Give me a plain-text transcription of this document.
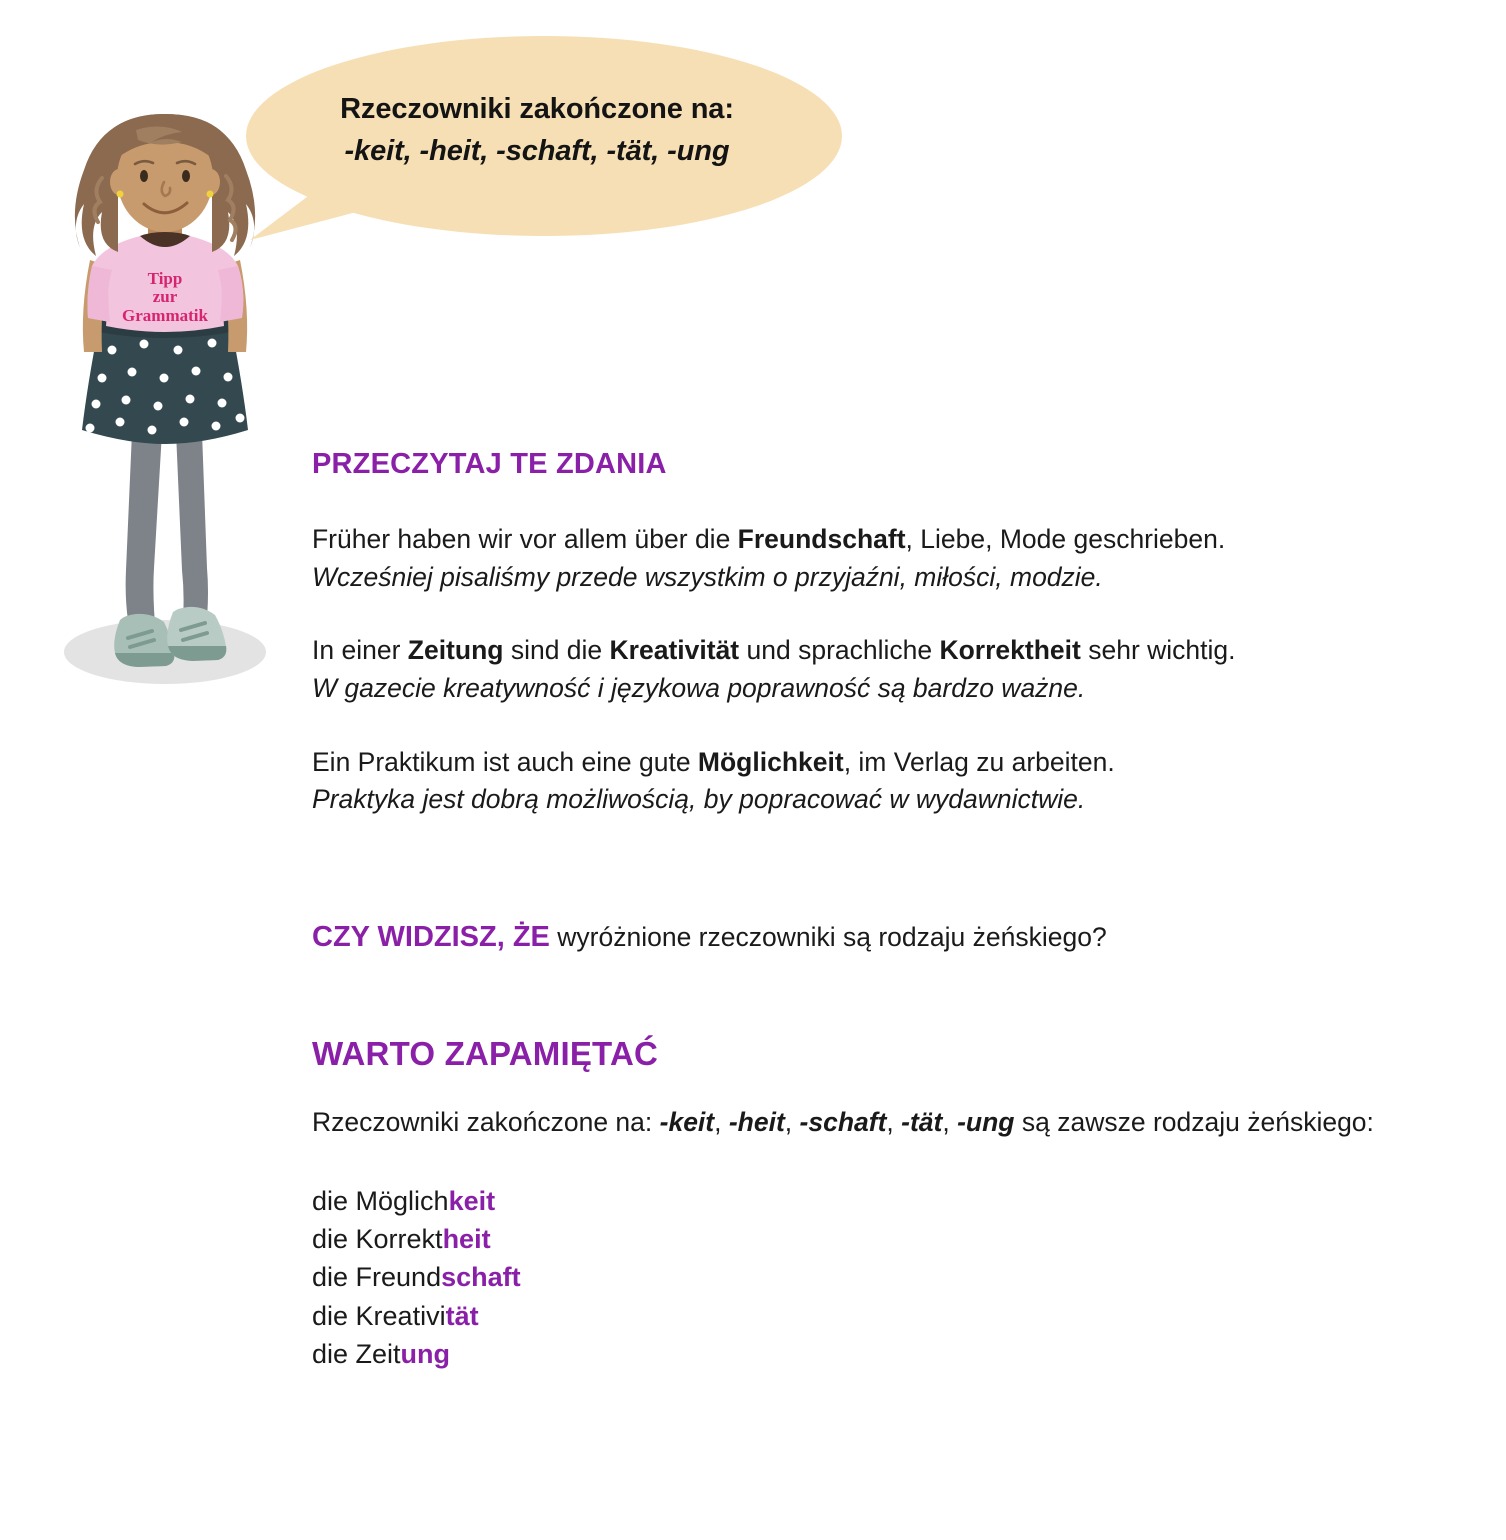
Tipp
zur
Grammatik
Rzeczowniki zakończone na:
-keit, -heit, -schaft, -tät, -ung
PRZECZYTAJ TE ZDANIA
Früher haben wir vor allem über die Freundschaft, Liebe, Mode geschrieben.
Wcześniej pisaliśmy przede wszystkim o przyjaźni, miłości, modzie.
In einer Zeitung sind die Kreativität und sprachliche Korrektheit sehr wichtig.
W gazecie kreatywność i językowa poprawność są bardzo ważne.
Ein Praktikum ist auch eine gute Möglichkeit, im Verlag zu arbeiten.
Praktyka jest dobrą możliwością, by popracować w wydawnictwie.
CZY WIDZISZ, ŻE wyróżnione rzeczowniki są rodzaju żeńskiego?
WARTO ZAPAMIĘTAĆ
Rzeczowniki zakończone na: -keit, -heit, -schaft, -tät, -ung są zawsze rodzaju żeńskiego:
die Möglichkeit
die Korrektheit
die Freundschaft
die Kreativität
die Zeitung
